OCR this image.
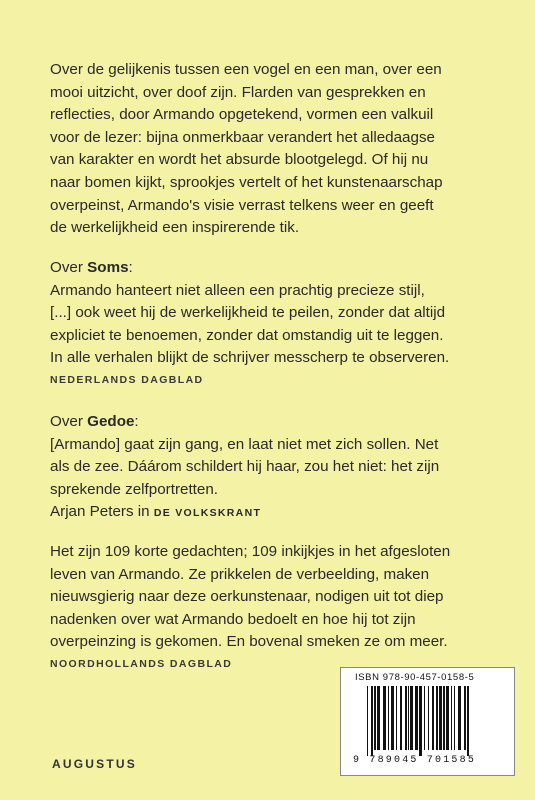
Over de gelijkenis tussen een vogel en een man, over een

mooi uitzicht, over doof zijn. Flarden van gesprekken en

reflecties, door Armando opgetekend, vormen een valkuil

voor de lezer: bijna onmerkbaar verandert het alledaagse

van karakter en wordt het absurde blootgelegd. Of hij nu

naar bomen kijkt, sprookjes vertelt of het kunstenaarschap

overpeinst, Armando's visie verrast telkens weer en geeft

de werkelijkheid een inspirerende tik.

Over Soms:

Armando hanteert niet alleen een prachtig precieze stijl,

[...] ook weet hij de werkelijkheid te peilen, zonder dat altijd

expliciet te benoemen, zonder dat omstandig uit te leggen.

In alle verhalen blijkt de schrijver messcherp te observeren.

NEDERLANDS DAGBLAD

Over Gedoe:

[Armando] gaat zijn gang, en laat niet met zich sollen. Net

als de zee. Dáárom schildert hij haar, zou het niet: het zijn

sprekende zelfportretten.

Arjan Peters in DE VOLKSKRANT

Het zijn 109 korte gedachten; 109 inkijkjes in het afgesloten

leven van Armando. Ze prikkelen de verbeelding, maken

nieuwsgierig naar deze oerkunstenaar, nodigen uit tot diep

nadenken over wat Armando bedoelt en hoe hij tot zijn

overpeinzing is gekomen. En bovenal smeken ze om meer.

NOORDHOLLANDS DAGBLAD

AUGUSTUS
ISBN 978-90-457-0158-5
9 789045 701585
